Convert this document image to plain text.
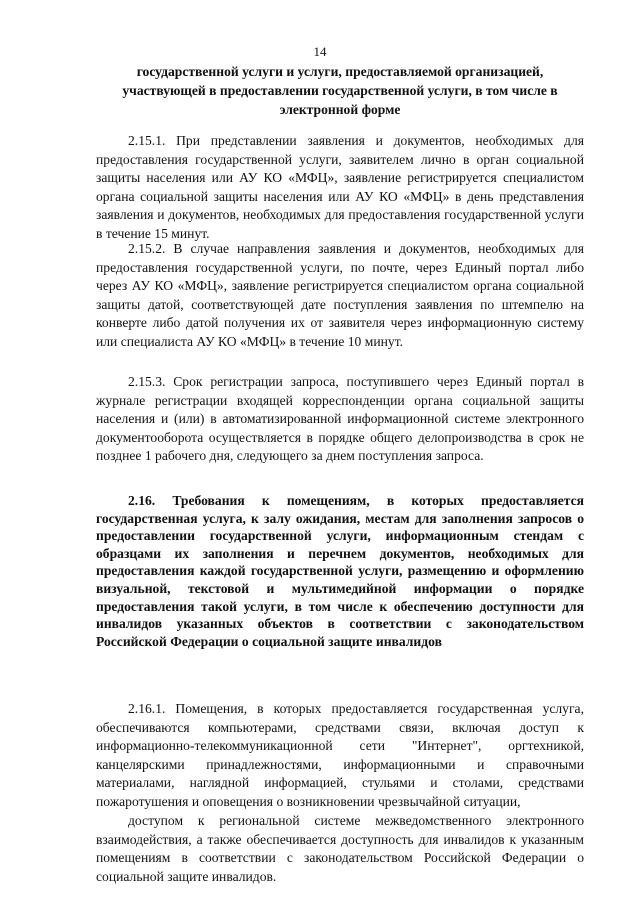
14
государственной услуги и услуги, предоставляемой организацией, участвующей в предоставлении государственной услуги, в том числе в электронной форме

2.15.1. При представлении заявления и документов, необходимых для предоставления государственной услуги, заявителем лично в орган социальной защиты населения или АУ КО «МФЦ», заявление регистрируется специалистом органа социальной защиты населения или АУ КО «МФЦ» в день представления заявления и документов, необходимых для предоставления государственной услуги в течение 15 минут.

2.15.2. В случае направления заявления и документов, необходимых для предоставления государственной услуги, по почте, через Единый портал либо через АУ КО «МФЦ», заявление регистрируется специалистом органа социальной защиты датой, соответствующей дате поступления заявления по штемпелю на конверте либо датой получения их от заявителя через информационную систему или специалиста АУ КО «МФЦ» в течение 10 минут.

2.15.3. Срок регистрации запроса, поступившего через Единый портал в журнале регистрации входящей корреспонденции органа социальной защиты населения и (или) в автоматизированной информационной системе электронного документооборота осуществляется в порядке общего делопроизводства в срок не позднее 1 рабочего дня, следующего за днем поступления запроса.

2.16. Требования к помещениям, в которых предоставляется государственная услуга, к залу ожидания, местам для заполнения запросов о предоставлении государственной услуги, информационным стендам с образцами их заполнения и перечнем документов, необходимых для предоставления каждой государственной услуги, размещению и оформлению визуальной, текстовой и мультимедийной информации о порядке предоставления такой услуги, в том числе к обеспечению доступности для инвалидов указанных объектов в соответствии с законодательством Российской Федерации о социальной защите инвалидов

2.16.1. Помещения, в которых предоставляется государственная услуга, обеспечиваются компьютерами, средствами связи, включая доступ к информационно-телекоммуникационной сети "Интернет", оргтехникой, канцелярскими принадлежностями, информационными и справочными материалами, наглядной информацией, стульями и столами, средствами пожаротушения и оповещения о возникновении чрезвычайной ситуации,

доступом к региональной системе межведомственного электронного взаимодействия, а также обеспечивается доступность для инвалидов к указанным помещениям в соответствии с законодательством Российской Федерации о социальной защите инвалидов.
